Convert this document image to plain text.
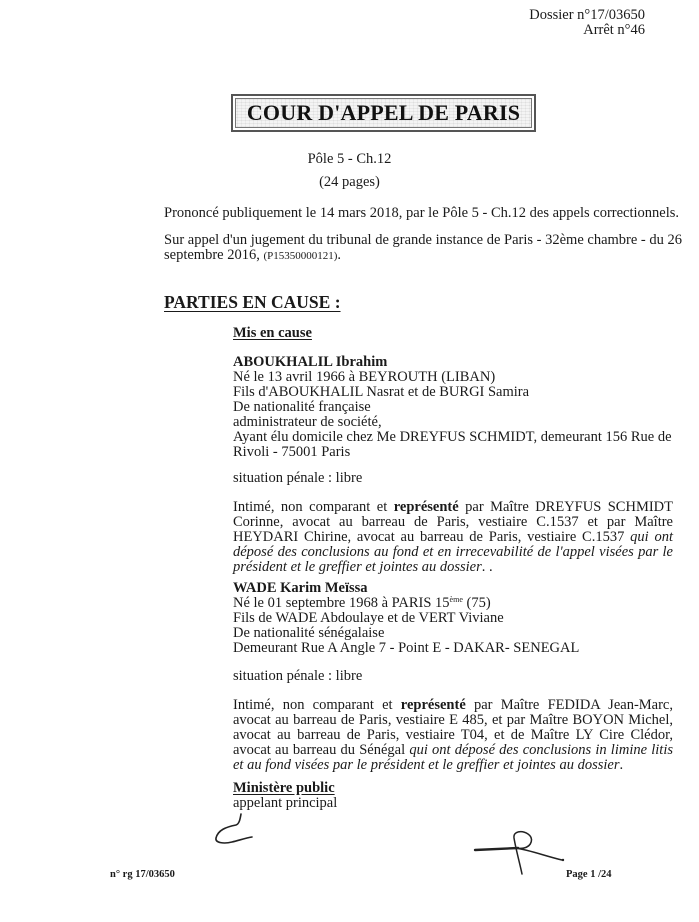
Dossier n°17/03650
Arrêt n°46
COUR D'APPEL DE PARIS
Pôle 5 - Ch.12
(24 pages)
Prononcé publiquement le 14 mars 2018, par le Pôle 5 - Ch.12 des appels correctionnels.
Sur appel d'un jugement du tribunal de grande instance de Paris - 32ème chambre - du 26
septembre 2016, (P15350000121).
PARTIES EN CAUSE :
Mis en cause
ABOUKHALIL Ibrahim
Né le 13 avril 1966 à BEYROUTH (LIBAN)
Fils d'ABOUKHALIL Nasrat et de BURGI Samira
De nationalité française
administrateur de société,
Ayant élu domicile chez Me DREYFUS SCHMIDT, demeurant 156 Rue de
Rivoli - 75001 Paris
situation pénale : libre
Intimé, non comparant et représenté par Maître DREYFUS SCHMIDT Corinne, avocat au barreau de Paris, vestiaire C.1537 et par Maître HEYDARI Chirine, avocat au barreau de Paris, vestiaire C.1537 qui ont déposé des conclusions au fond et en irrecevabilité de l'appel visées par le président et le greffier et jointes au dossier. .
WADE Karim Meïssa
Né le 01 septembre 1968 à PARIS 15ème (75)
Fils de WADE Abdoulaye et de VERT Viviane
De nationalité sénégalaise
Demeurant Rue A Angle 7 - Point E - DAKAR- SENEGAL
situation pénale : libre
Intimé, non comparant et représenté par Maître FEDIDA Jean-Marc, avocat au barreau de Paris, vestiaire E 485, et par Maître BOYON Michel, avocat au barreau de Paris, vestiaire T04, et de Maître LY Cire Clédor, avocat au barreau du Sénégal qui ont déposé des conclusions in limine litis et au fond visées par le président et le greffier et jointes au dossier.
Ministère public
appelant principal
n° rg 17/03650	Page 1 /24
